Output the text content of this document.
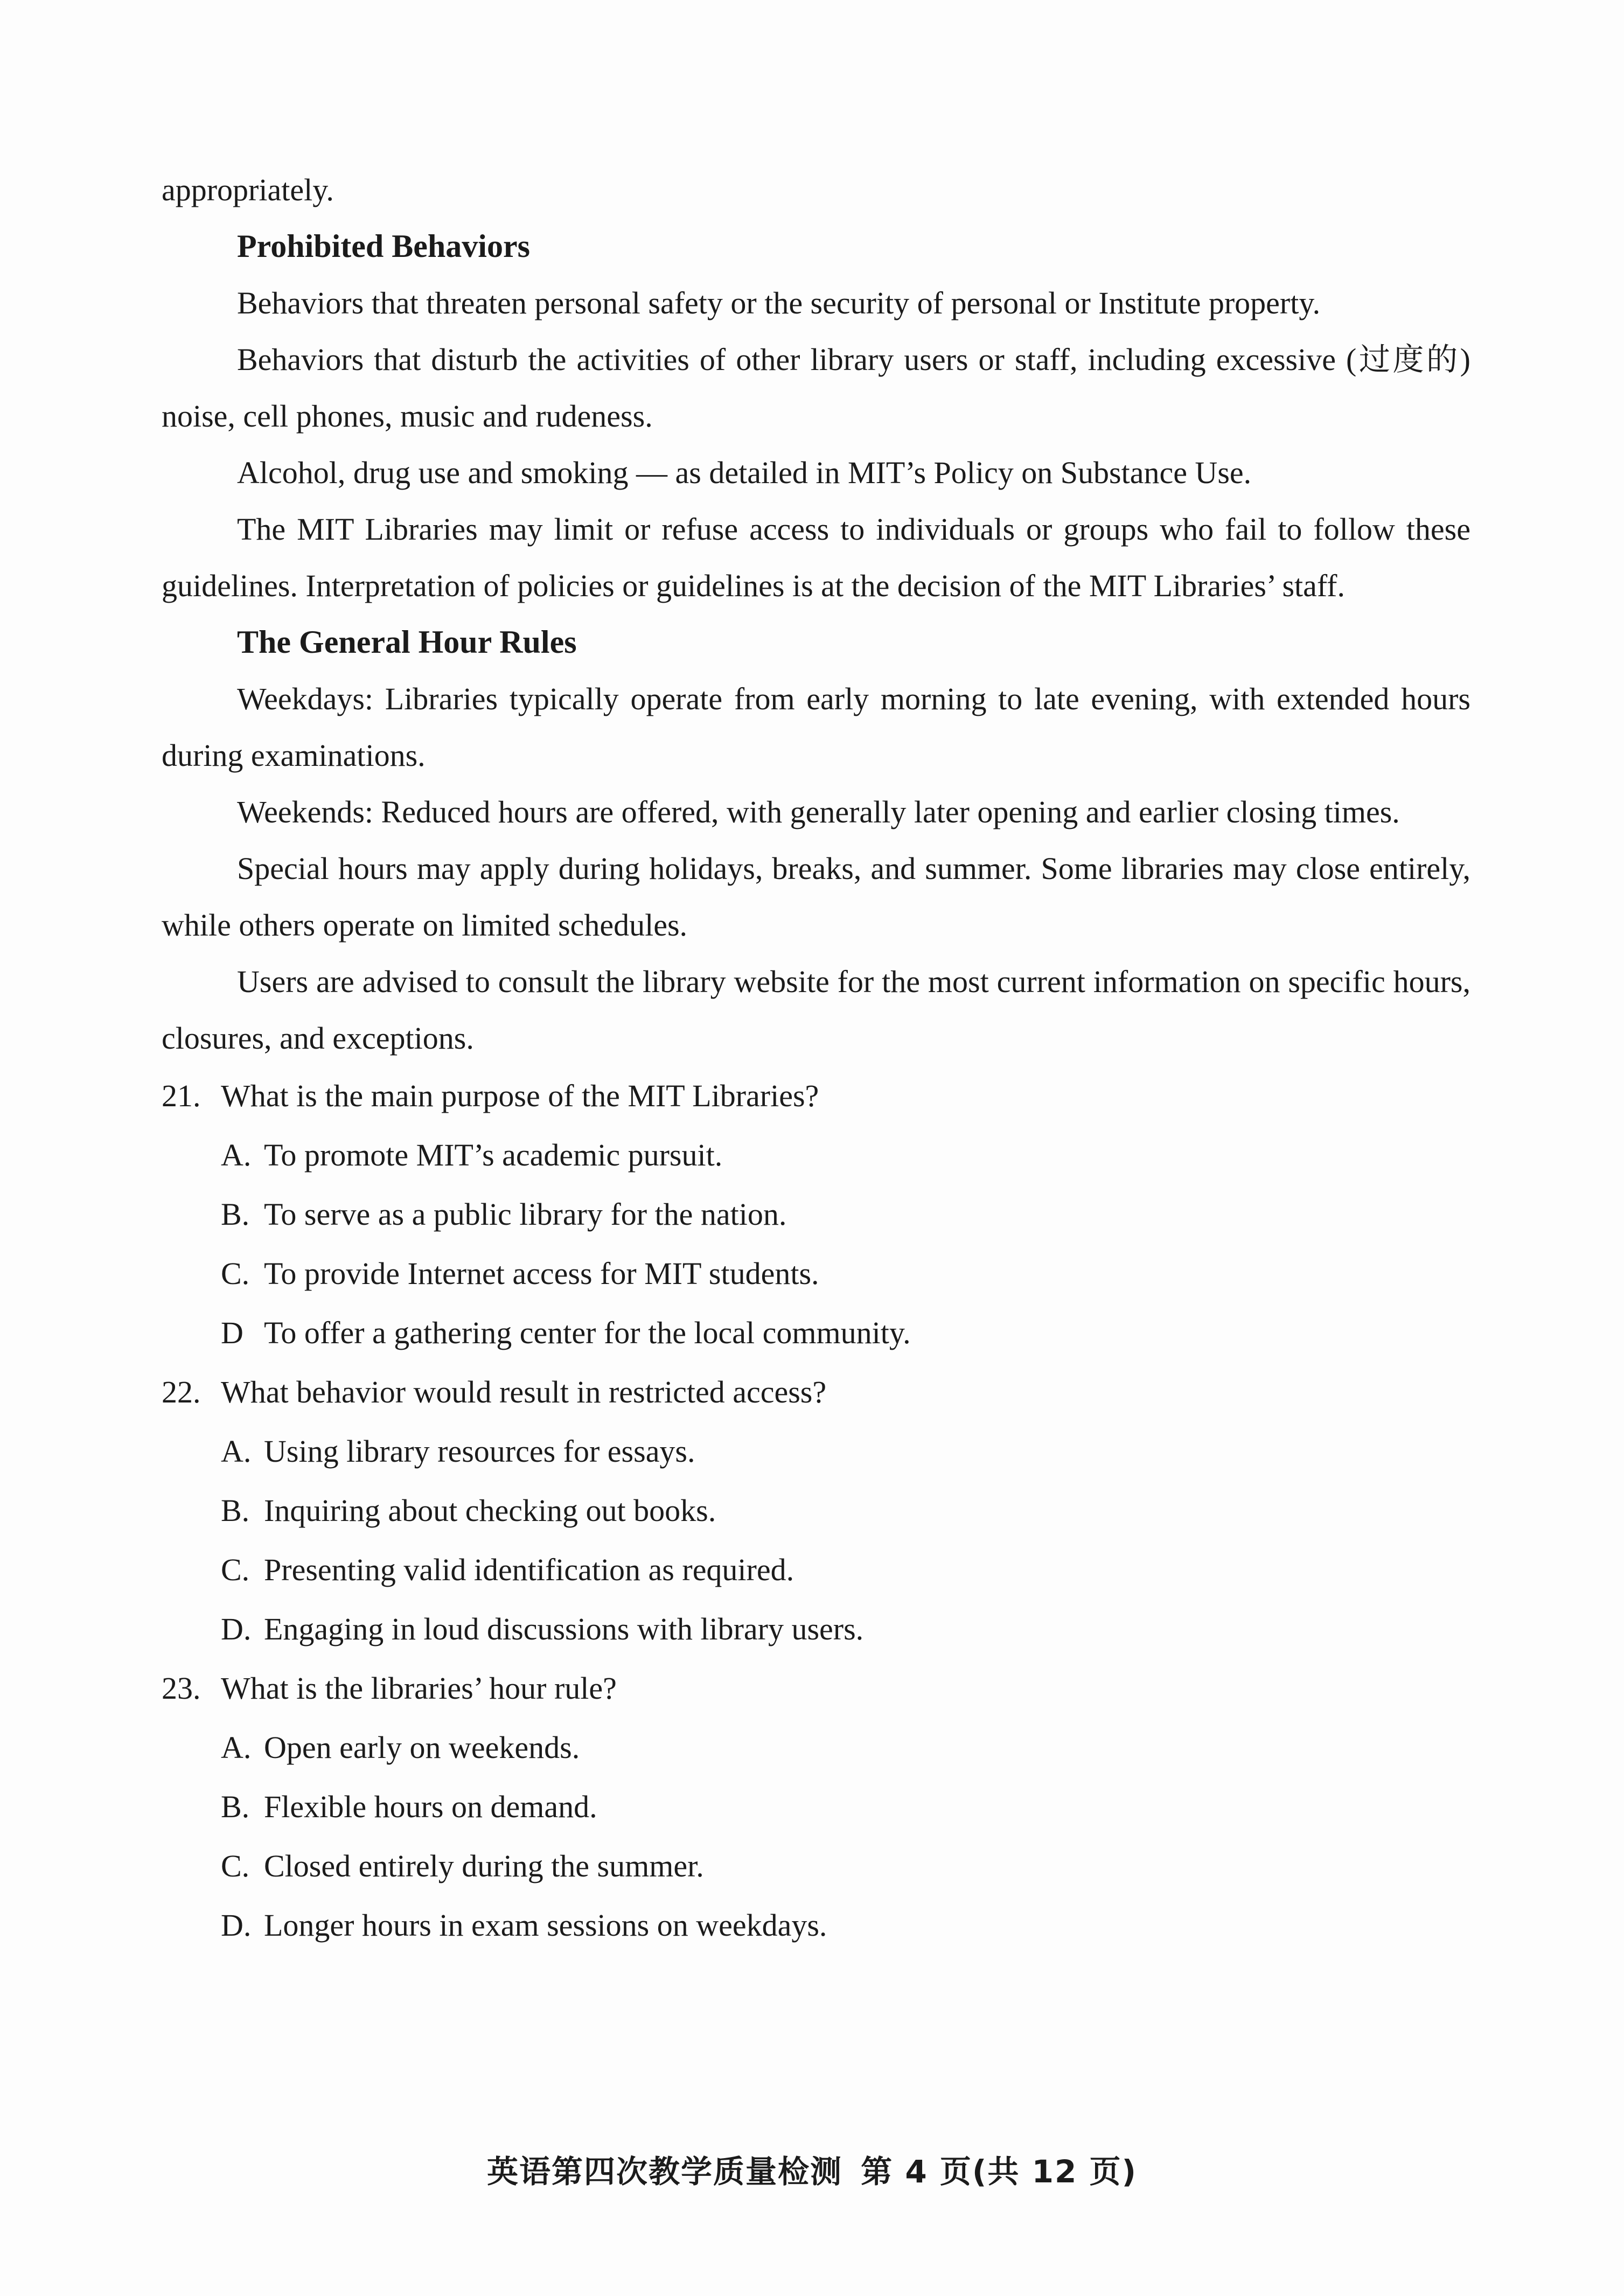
appropriately.

Prohibited Behaviors

Behaviors that threaten personal safety or the security of personal or Institute property.

Behaviors that disturb the activities of other library users or staff, including excessive (过度的) noise, cell phones, music and rudeness.

Alcohol, drug use and smoking — as detailed in MIT’s Policy on Substance Use.

The MIT Libraries may limit or refuse access to individuals or groups who fail to follow these guidelines. Interpretation of policies or guidelines is at the decision of the MIT Libraries’ staff.

The General Hour Rules

Weekdays: Libraries typically operate from early morning to late evening, with extended hours during examinations.

Weekends: Reduced hours are offered, with generally later opening and earlier closing times.

Special hours may apply during holidays, breaks, and summer. Some libraries may close entirely, while others operate on limited schedules.

Users are advised to consult the library website for the most current information on specific hours, closures, and exceptions.

21. What is the main purpose of the MIT Libraries?

A. To promote MIT’s academic pursuit.

B. To serve as a public library for the nation.

C. To provide Internet access for MIT students.

D To offer a gathering center for the local community.

22. What behavior would result in restricted access?

A. Using library resources for essays.

B. Inquiring about checking out books.

C. Presenting valid identification as required.

D. Engaging in loud discussions with library users.

23. What is the libraries’ hour rule?

A. Open early on weekends.

B. Flexible hours on demand.

C. Closed entirely during the summer.

D. Longer hours in exam sessions on weekdays.

英语第四次教学质量检测 第 4 页(共 12 页)
